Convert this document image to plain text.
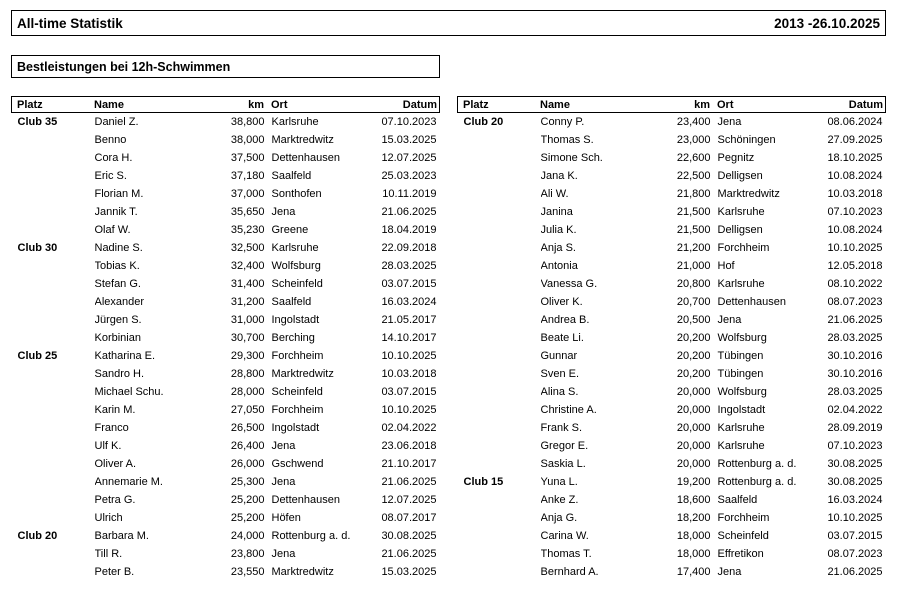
All-time Statistik	2013 -26.10.2025
Bestleistungen bei 12h-Schwimmen
Platz	Name	km Ort	Datum
Club 35	Daniel Z.	38,800 Karlsruhe	07.10.2023
Benno	38,000 Marktredwitz	15.03.2025
Cora H.	37,500 Dettenhausen	12.07.2025
Eric S.	37,180 Saalfeld	25.03.2023
Florian M.	37,000 Sonthofen	10.11.2019
Jannik T.	35,650 Jena	21.06.2025
Olaf W.	35,230 Greene	18.04.2019
Club 30	Nadine S.	32,500 Karlsruhe	22.09.2018
Tobias K.	32,400 Wolfsburg	28.03.2025
Stefan G.	31,400 Scheinfeld	03.07.2015
Alexander	31,200 Saalfeld	16.03.2024
Jürgen S.	31,000 Ingolstadt	21.05.2017
Korbinian	30,700 Berching	14.10.2017
Club 25	Katharina E.	29,300 Forchheim	10.10.2025
Sandro H.	28,800 Marktredwitz	10.03.2018
Michael Schu.	28,000 Scheinfeld	03.07.2015
Karin M.	27,050 Forchheim	10.10.2025
Franco	26,500 Ingolstadt	02.04.2022
Ulf K.	26,400 Jena	23.06.2018
Oliver A.	26,000 Gschwend	21.10.2017
Annemarie M.	25,300 Jena	21.06.2025
Petra G.	25,200 Dettenhausen	12.07.2025
Ulrich	25,200 Höfen	08.07.2017
Club 20	Barbara M.	24,000 Rottenburg a. d.	30.08.2025
Till R.	23,800 Jena	21.06.2025
Peter B.	23,550 Marktredwitz	15.03.2025
Platz	Name	km Ort	Datum
Club 20	Conny P.	23,400 Jena	08.06.2024
Thomas S.	23,000 Schöningen	27.09.2025
Simone Sch.	22,600 Pegnitz	18.10.2025
Jana K.	22,500 Delligsen	10.08.2024
Ali W.	21,800 Marktredwitz	10.03.2018
Janina	21,500 Karlsruhe	07.10.2023
Julia K.	21,500 Delligsen	10.08.2024
Anja S.	21,200 Forchheim	10.10.2025
Antonia	21,000 Hof	12.05.2018
Vanessa G.	20,800 Karlsruhe	08.10.2022
Oliver K.	20,700 Dettenhausen	08.07.2023
Andrea B.	20,500 Jena	21.06.2025
Beate Li.	20,200 Wolfsburg	28.03.2025
Gunnar	20,200 Tübingen	30.10.2016
Sven E.	20,200 Tübingen	30.10.2016
Alina S.	20,000 Wolfsburg	28.03.2025
Christine A.	20,000 Ingolstadt	02.04.2022
Frank S.	20,000 Karlsruhe	28.09.2019
Gregor E.	20,000 Karlsruhe	07.10.2023
Saskia L.	20,000 Rottenburg a. d.	30.08.2025
Club 15	Yuna L.	19,200 Rottenburg a. d.	30.08.2025
Anke Z.	18,600 Saalfeld	16.03.2024
Anja G.	18,200 Forchheim	10.10.2025
Carina W.	18,000 Scheinfeld	03.07.2015
Thomas T.	18,000 Effretikon	08.07.2023
Bernhard A.	17,400 Jena	21.06.2025
